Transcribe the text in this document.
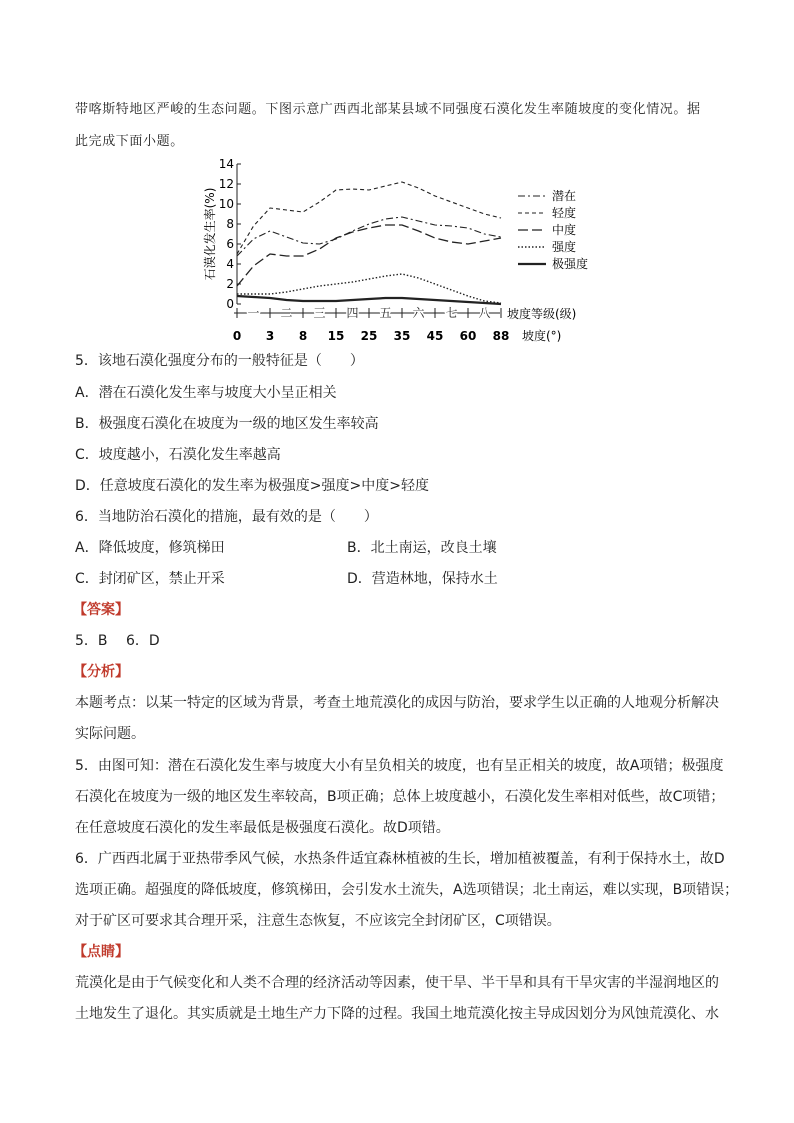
带喀斯特地区严峻的生态问题。下图示意广西西北部某县域不同强度石漠化发生率随坡度的变化情况。据
此完成下面小题。
0
2
4
6
8
10
12
14
石漠化发生率(%)
一 二 三 四 五 六 七 八 坡度等级(级)
0 3 8 15 25 35 45 60 88 坡度(°)
潜在
轻度
中度
强度
极强度
5．该地石漠化强度分布的一般特征是（　　）
A．潜在石漠化发生率与坡度大小呈正相关
B．极强度石漠化在坡度为一级的地区发生率较高
C．坡度越小，石漠化发生率越高
D．任意坡度石漠化的发生率为极强度>强度>中度>轻度
6．当地防治石漠化的措施，最有效的是（　　）
A．降低坡度，修筑梯田	B．北土南运，改良土壤
C．封闭矿区，禁止开采	D．营造林地，保持水土
【答案】
5．B　 6．D
【分析】
本题考点：以某一特定的区域为背景，考查土地荒漠化的成因与防治，要求学生以正确的人地观分析解决
实际问题。
5．由图可知：潜在石漠化发生率与坡度大小有呈负相关的坡度，也有呈正相关的坡度，故A项错；极强度
石漠化在坡度为一级的地区发生率较高，B项正确；总体上坡度越小，石漠化发生率相对低些，故C项错；
在任意坡度石漠化的发生率最低是极强度石漠化。故D项错。
6．广西西北属于亚热带季风气候，水热条件适宜森林植被的生长，增加植被覆盖，有利于保持水土，故D
选项正确。超强度的降低坡度，修筑梯田，会引发水土流失，A选项错误；北土南运，难以实现，B项错误；
对于矿区可要求其合理开采，注意生态恢复，不应该完全封闭矿区，C项错误。
【点睛】
荒漠化是由于气候变化和人类不合理的经济活动等因素，使干旱、半干旱和具有干旱灾害的半湿润地区的
土地发生了退化。其实质就是土地生产力下降的过程。我国土地荒漠化按主导成因划分为风蚀荒漠化、水
